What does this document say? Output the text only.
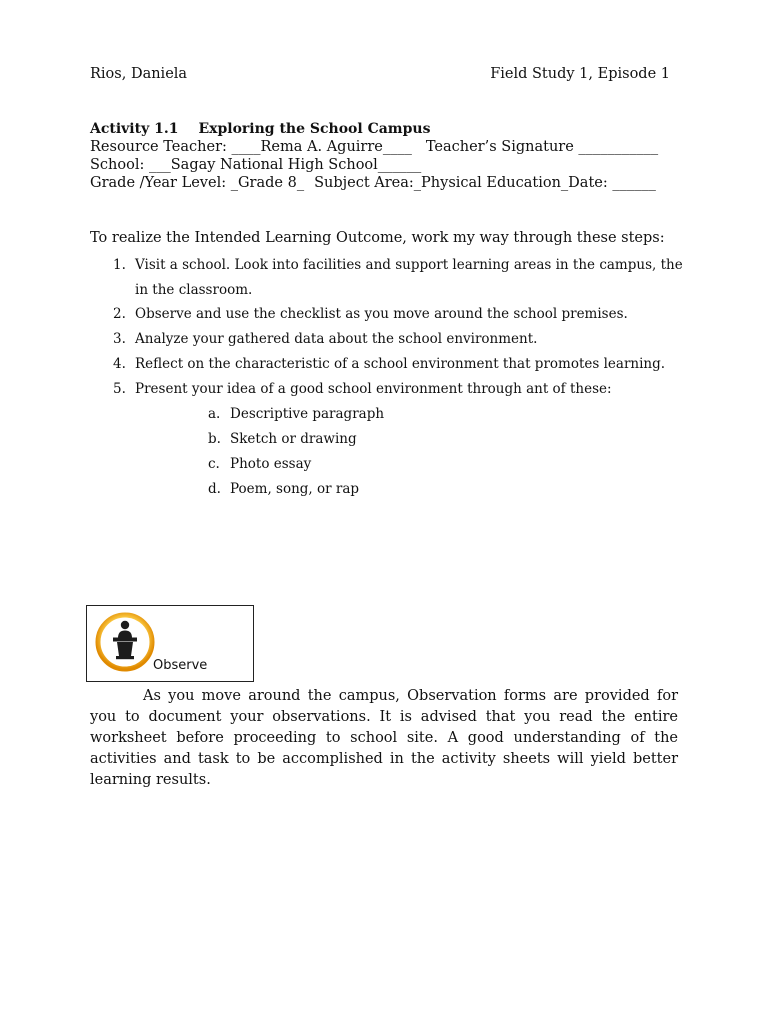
Rios, Daniela	Field Study 1, Episode 1
Activity 1.1 Exploring the School Campus
Resource Teacher: ____Rema A. Aguirre____ Teacher’s Signature ___________
School: ___Sagay National High School______
Grade /Year Level: _Grade 8_ Subject Area:_Physical Education_Date: ______
To realize the Intended Learning Outcome, work my way through these steps:
1. Visit a school. Look into facilities and support learning areas in the campus, the
in the classroom.
2. Observe and use the checklist as you move around the school premises.
3. Analyze your gathered data about the school environment.
4. Reflect on the characteristic of a school environment that promotes learning.
5. Present your idea of a good school environment through ant of these:
a. Descriptive paragraph
b. Sketch or drawing
c. Photo essay
d. Poem, song, or rap
Observe

As you move around the campus, Observation forms are provided for you to document your observations. It is advised that you read the entire worksheet before proceeding to school site. A good understanding of the activities and task to be accomplished in the activity sheets will yield better learning results.
